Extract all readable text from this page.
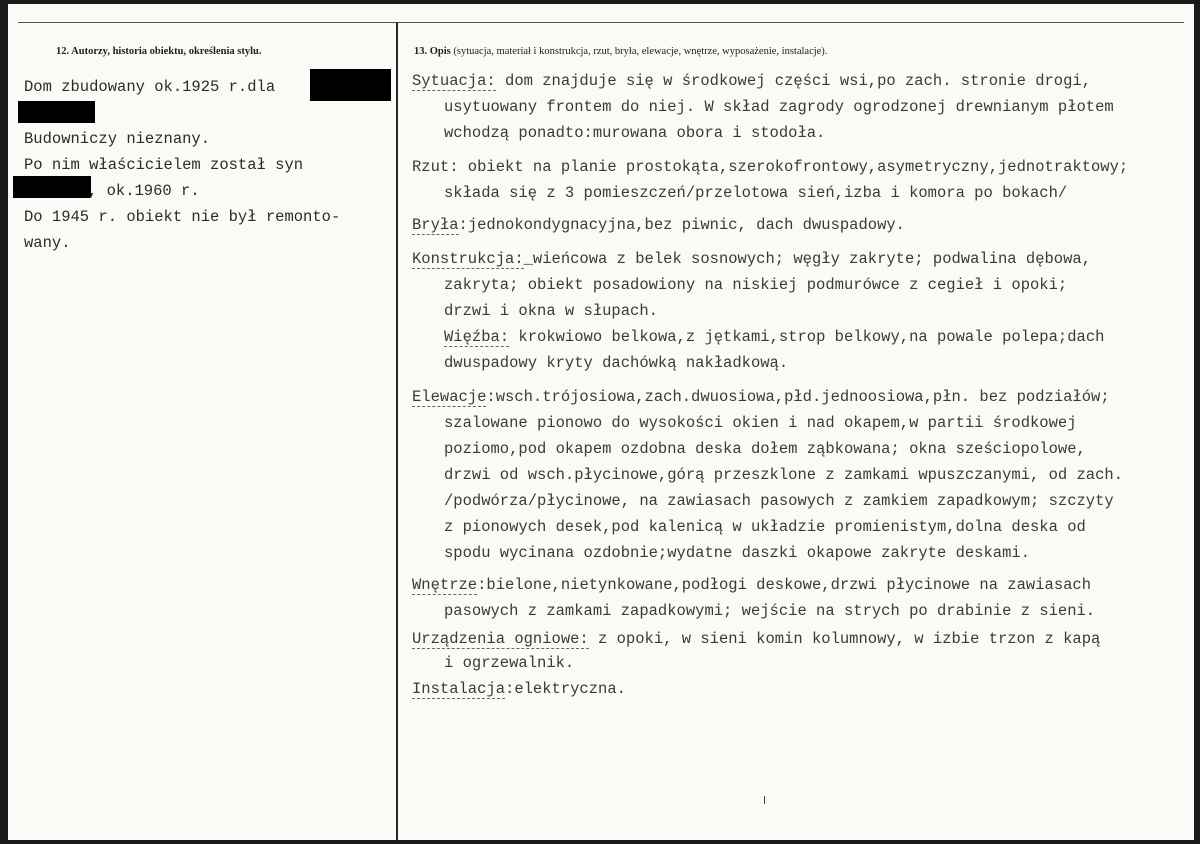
12. Autorzy, historia obiektu, określenia stylu.
Dom zbudowany ok.1925 r.dla
Budowniczy nieznany.
Po nim właścicielem został syn
, ok.1960 r.
Do 1945 r. obiekt nie był remonto-
wany.
13. Opis (sytuacja, materiał i konstrukcja, rzut, bryła, elewacje, wnętrze, wyposażenie, instalacje).
Sytuacja: dom znajduje się w środkowej części wsi,po zach. stronie drogi,
usytuowany frontem do niej. W skład zagrody ogrodzonej drewnianym płotem
wchodzą ponadto:murowana obora i stodoła.
Rzut: obiekt na planie prostokąta,szerokofrontowy,asymetryczny,jednotraktowy;
składa się z 3 pomieszczeń/przelotowa sień,izba i komora po bokach/
Bryła:jednokondygnacyjna,bez piwnic, dach dwuspadowy.
Konstrukcja:_wieńcowa z belek sosnowych; węgły zakryte; podwalina dębowa,
zakryta; obiekt posadowiony na niskiej podmurówce z cegieł i opoki;
drzwi i okna w słupach.
Więźba: krokwiowo belkowa,z jętkami,strop belkowy,na powale polepa;dach
dwuspadowy kryty dachówką nakładkową.
Elewacje:wsch.trójosiowa,zach.dwuosiowa,płd.jednoosiowa,płn. bez podziałów;
szalowane pionowo do wysokości okien i nad okapem,w partii środkowej
poziomo,pod okapem ozdobna deska dołem ząbkowana; okna sześciopolowe,
drzwi od wsch.płycinowe,górą przeszklone z zamkami wpuszczanymi, od zach.
/podwórza/płycinowe, na zawiasach pasowych z zamkiem zapadkowym; szczyty
z pionowych desek,pod kalenicą w układzie promienistym,dolna deska od
spodu wycinana ozdobnie;wydatne daszki okapowe zakryte deskami.
Wnętrze:bielone,nietynkowane,podłogi deskowe,drzwi płycinowe na zawiasach
pasowych z zamkami zapadkowymi; wejście na strych po drabinie z sieni.
Urządzenia ogniowe: z opoki, w sieni komin kolumnowy, w izbie trzon z kapą
i ogrzewalnik.
Instalacja:elektryczna.
